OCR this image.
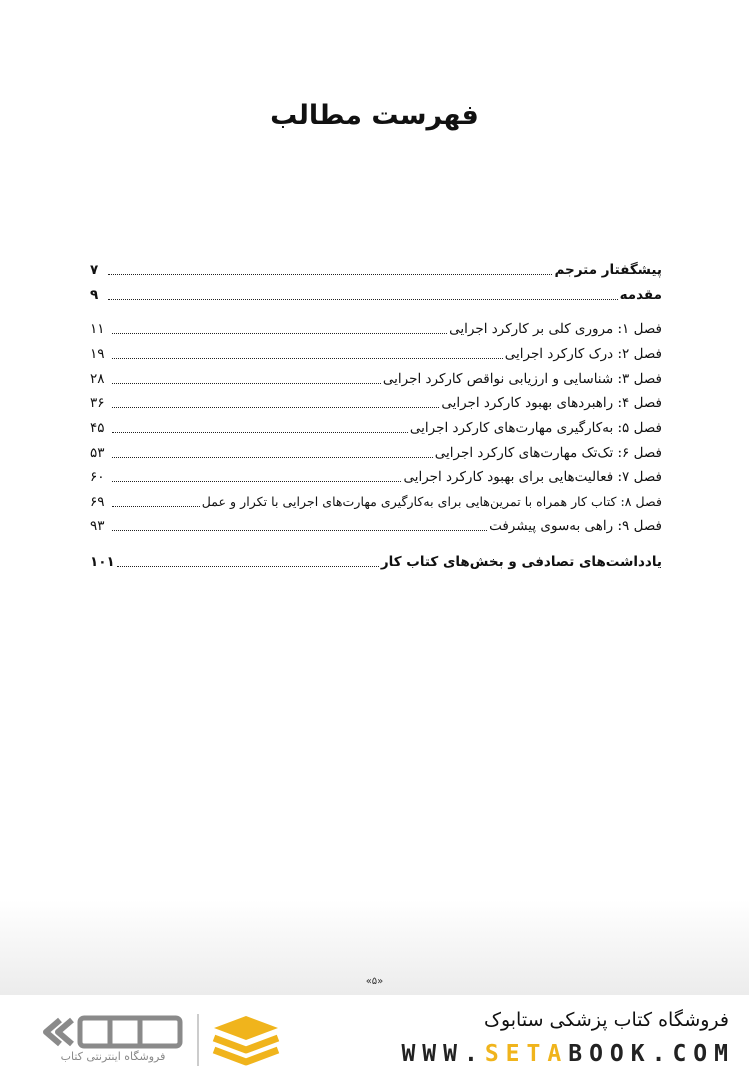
فهرست مطالب
پیشگفتار مترجم
۷
مقدمه
۹
فصل ۱: مروری کلی بر کارکرد اجرایی
۱۱
فصل ۲: درک کارکرد اجرایی
۱۹
فصل ۳: شناسایی و ارزیابی نواقص کارکرد اجرایی
۲۸
فصل ۴: راهبردهای بهبود کارکرد اجرایی
۳۶
فصل ۵: به‌کارگیری مهارت‌های کارکرد اجرایی
۴۵
فصل ۶: تک‌تک مهارت‌های کارکرد اجرایی
۵۳
فصل ۷: فعالیت‌هایی برای بهبود کارکرد اجرایی
۶۰
فصل ۸: کتاب کار همراه با تمرین‌هایی برای به‌کارگیری مهارت‌های اجرایی با تکرار و عمل
۶۹
فصل ۹: راهی به‌سوی پیشرفت
۹۳
یادداشت‌های تصادفی و بخش‌های کتاب کار
۱۰۱
«۵»
فروشگاه اینترنتی کتاب
فروشگاه کتاب پزشکی ستابوک
WWW.SETABOOK.COM
